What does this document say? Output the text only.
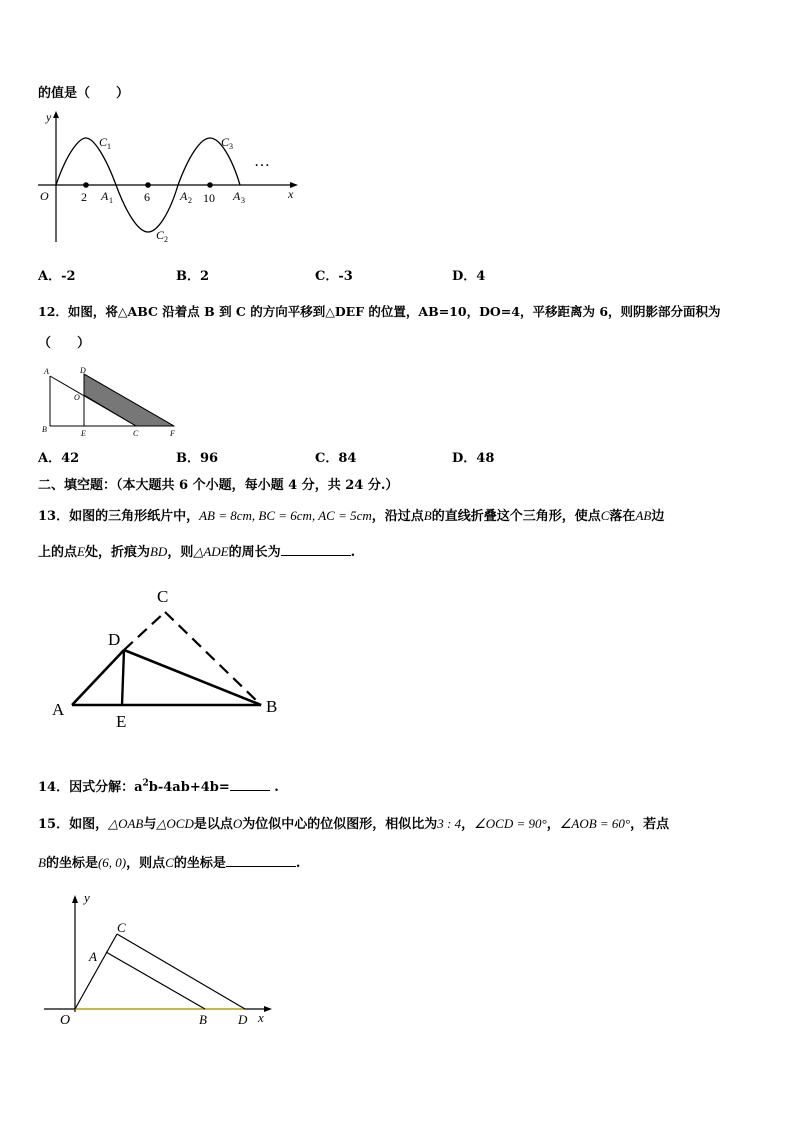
的值是（　　）
y
x
O
C 1
C 2
C 3
2	6	10
A 1	A 2	A 3
…
A．-2	B．2	C．-3	D．4
12．如图，将△ABC 沿着点 B 到 C 的方向平移到△DEF 的位置，AB=10，DO=4，平移距离为 6，则阴影部分面积为
（　　）
A
B
D
O
E	C	F
A．42	B．96	C．84	D．48
二、填空题：（本大题共 6 个小题，每小题 4 分，共 24 分.）
13．如图的三角形纸片中，AB = 8cm, BC = 6cm, AC = 5cm，沿过点B的直线折叠这个三角形，使点C落在AB边
上的点E处，折痕为BD，则△ADE的周长为	.
C
D
A	B
E
14．因式分解：$a^2b-4ab+4b=$	.
15．如图，△OAB与△OCD是以点O为位似中心的位似图形，相似比为3 : 4，∠OCD = 90°，∠AOB = 60°，若点
B的坐标是(6, 0)，则点C的坐标是	.
y
x
O
A
C
B D
